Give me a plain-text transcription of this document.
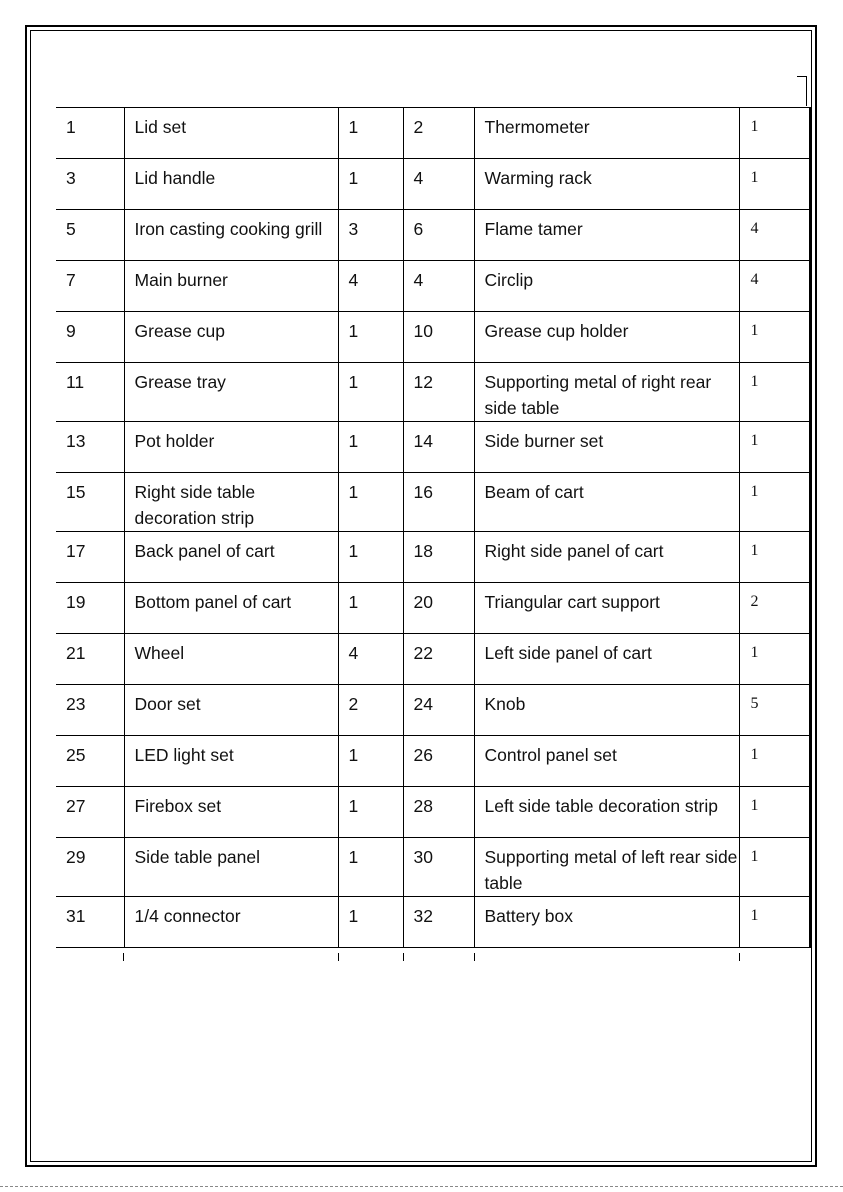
1	Lid set	1	2	Thermometer	1
3	Lid handle	1	4	Warming rack	1
5	Iron casting cooking grill	3	6	Flame tamer	4
7	Main burner	4	4	Circlip	4
9	Grease cup	1	10	Grease cup holder	1
11	Grease tray	1	12	Supporting metal of right rear side table	1
13	Pot holder	1	14	Side burner set	1
15	Right side table decoration strip	1	16	Beam of cart	1
17	Back panel of cart	1	18	Right side panel of cart	1
19	Bottom panel of cart	1	20	Triangular cart support	2
21	Wheel	4	22	Left side panel of cart	1
23	Door set	2	24	Knob	5
25	LED light set	1	26	Control panel set	1
27	Firebox set	1	28	Left side table decoration strip	1
29	Side table panel	1	30	Supporting metal of left rear side table	1
31	1/4 connector	1	32	Battery box	1
